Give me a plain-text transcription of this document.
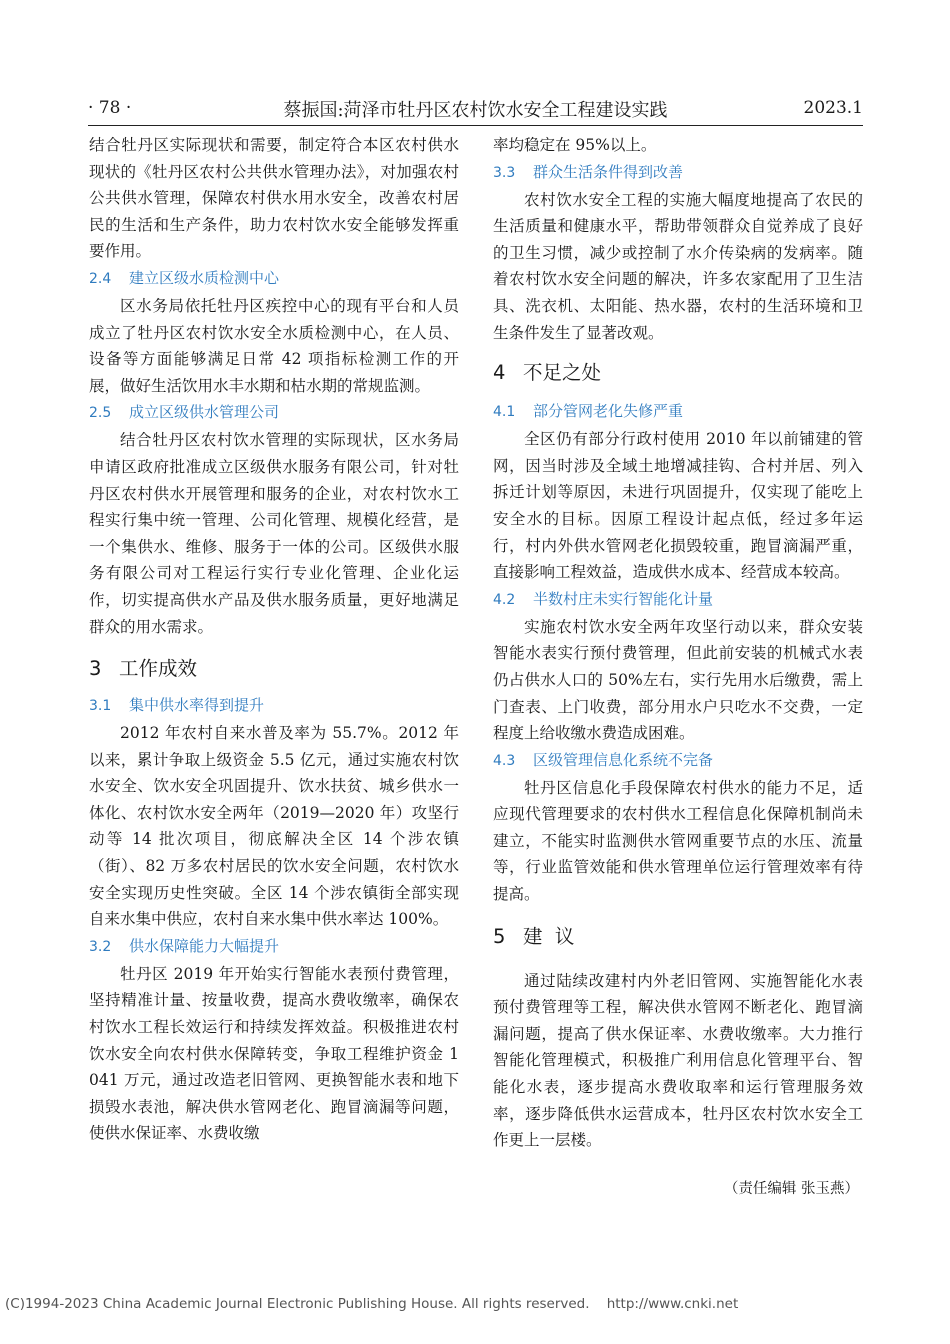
· 78 ·	蔡振国:菏泽市牡丹区农村饮水安全工程建设实践	2023.1

结合牡丹区实际现状和需要，制定符合本区农村供水现状的《牡丹区农村公共供水管理办法》，对加强农村公共供水管理，保障农村供水用水安全，改善农村居民的生活和生产条件，助力农村饮水安全能够发挥重要作用。

2.4 建立区级水质检测中心

区水务局依托牡丹区疾控中心的现有平台和人员成立了牡丹区农村饮水安全水质检测中心，在人员、设备等方面能够满足日常 42 项指标检测工作的开展，做好生活饮用水丰水期和枯水期的常规监测。

2.5 成立区级供水管理公司

结合牡丹区农村饮水管理的实际现状，区水务局申请区政府批准成立区级供水服务有限公司，针对牡丹区农村供水开展管理和服务的企业，对农村饮水工程实行集中统一管理、公司化管理、规模化经营，是一个集供水、维修、服务于一体的公司。区级供水服务有限公司对工程运行实行专业化管理、企业化运作，切实提高供水产品及供水服务质量，更好地满足群众的用水需求。

3 工作成效
3.1 集中供水率得到提升

2012 年农村自来水普及率为 55.7%。2012 年以来，累计争取上级资金 5.5 亿元，通过实施农村饮水安全、饮水安全巩固提升、饮水扶贫、城乡供水一体化、农村饮水安全两年（2019—2020 年）攻坚行动等 14 批次项目，彻底解决全区 14 个涉农镇（街）、82 万多农村居民的饮水安全问题，农村饮水安全实现历史性突破。全区 14 个涉农镇街全部实现自来水集中供应，农村自来水集中供水率达 100%。

3.2 供水保障能力大幅提升

牡丹区 2019 年开始实行智能水表预付费管理，坚持精准计量、按量收费，提高水费收缴率，确保农村饮水工程长效运行和持续发挥效益。积极推进农村饮水安全向农村供水保障转变，争取工程维护资金 1 041 万元，通过改造老旧管网、更换智能水表和地下损毁水表池，解决供水管网老化、跑冒滴漏等问题，使供水保证率、水费收缴

率均稳定在 95%以上。

3.3 群众生活条件得到改善

农村饮水安全工程的实施大幅度地提高了农民的生活质量和健康水平，帮助带领群众自觉养成了良好的卫生习惯，减少或控制了水介传染病的发病率。随着农村饮水安全问题的解决，许多农家配用了卫生洁具、洗衣机、太阳能、热水器，农村的生活环境和卫生条件发生了显著改观。

4 不足之处
4.1 部分管网老化失修严重

全区仍有部分行政村使用 2010 年以前铺建的管网，因当时涉及全域土地增减挂钩、合村并居、列入拆迁计划等原因，未进行巩固提升，仅实现了能吃上安全水的目标。因原工程设计起点低，经过多年运行，村内外供水管网老化损毁较重，跑冒滴漏严重，直接影响工程效益，造成供水成本、经营成本较高。

4.2 半数村庄未实行智能化计量

实施农村饮水安全两年攻坚行动以来，群众安装智能水表实行预付费管理，但此前安装的机械式水表仍占供水人口的 50%左右，实行先用水后缴费，需上门查表、上门收费，部分用水户只吃水不交费，一定程度上给收缴水费造成困难。

4.3 区级管理信息化系统不完备

牡丹区信息化手段保障农村供水的能力不足，适应现代管理要求的农村供水工程信息化保障机制尚未建立，不能实时监测供水管网重要节点的水压、流量等，行业监管效能和供水管理单位运行管理效率有待提高。

5 建  议

通过陆续改建村内外老旧管网、实施智能化水表预付费管理等工程，解决供水管网不断老化、跑冒滴漏问题，提高了供水保证率、水费收缴率。大力推行智能化管理模式，积极推广利用信息化管理平台、智能化水表，逐步提高水费收取率和运行管理服务效率，逐步降低供水运营成本，牡丹区农村饮水安全工作更上一层楼。

（责任编辑 张玉燕）
(C)1994-2023 China Academic Journal Electronic Publishing House. All rights reserved.    http://www.cnki.net
